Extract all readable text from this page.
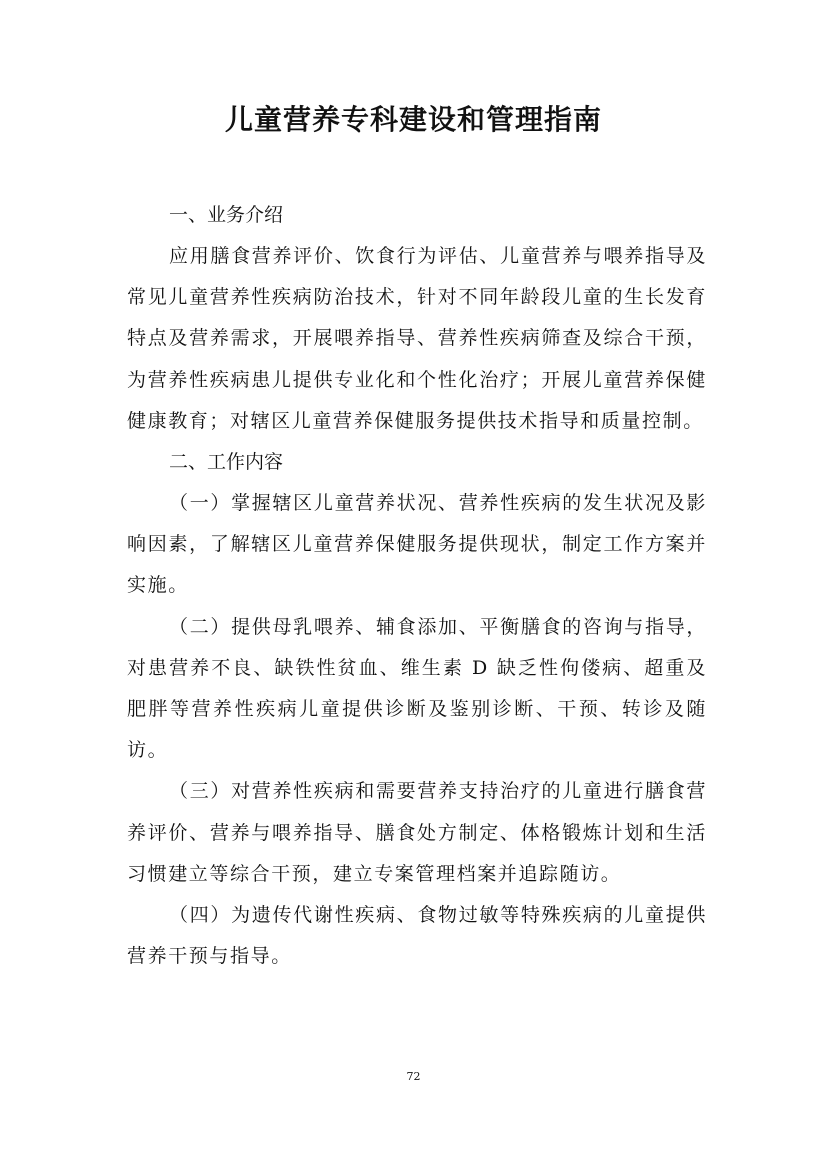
儿童营养专科建设和管理指南

一、业务介绍

应用膳食营养评价、饮食行为评估、儿童营养与喂养指导及常见儿童营养性疾病防治技术，针对不同年龄段儿童的生长发育特点及营养需求，开展喂养指导、营养性疾病筛查及综合干预，为营养性疾病患儿提供专业化和个性化治疗；开展儿童营养保健健康教育；对辖区儿童营养保健服务提供技术指导和质量控制。

二、工作内容

（一）掌握辖区儿童营养状况、营养性疾病的发生状况及影响因素，了解辖区儿童营养保健服务提供现状，制定工作方案并实施。

（二）提供母乳喂养、辅食添加、平衡膳食的咨询与指导，对患营养不良、缺铁性贫血、维生素 D 缺乏性佝偻病、超重及肥胖等营养性疾病儿童提供诊断及鉴别诊断、干预、转诊及随访。

（三）对营养性疾病和需要营养支持治疗的儿童进行膳食营养评价、营养与喂养指导、膳食处方制定、体格锻炼计划和生活习惯建立等综合干预，建立专案管理档案并追踪随访。

（四）为遗传代谢性疾病、食物过敏等特殊疾病的儿童提供营养干预与指导。

72
